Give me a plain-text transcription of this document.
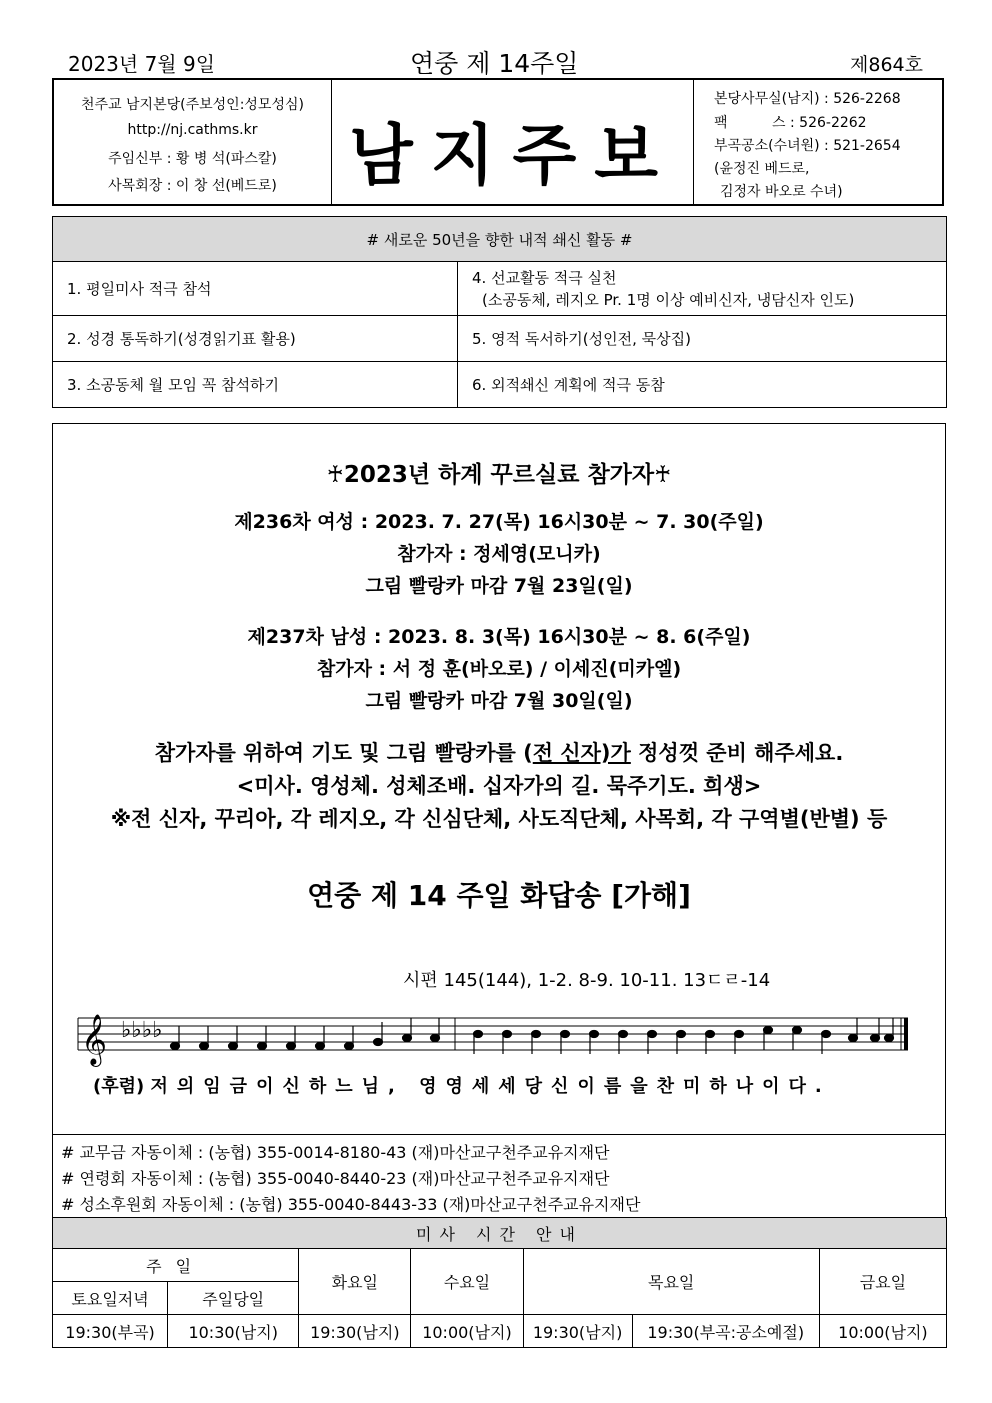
2023년 7월 9일	연중 제 14주일	제864호
천주교 남지본당(주보성인:성모성심)
http://nj.cathms.kr
주임신부 : 황 병 석(파스칼)
사목회장 : 이 창 선(베드로)	남지주보
본당사무실(남지) : 526-2268
팩          스 : 526-2262
부곡공소(수녀원) : 521-2654
(윤정진 베드로,
김정자 바오로 수녀)
# 새로운 50년을 향한 내적 쇄신 활동 #	
1. 평일미사 적극 참석	4. 선교활동 적극 실천
(소공동체, 레지오 Pr. 1명 이상 예비신자, 냉담신자 인도)

2. 성경 통독하기(성경읽기표 활용)	5. 영적 독서하기(성인전, 묵상집)
3. 소공동체 월 모임 꼭 참석하기	6. 외적쇄신 계획에 적극 동참
♰2023년 하계 꾸르실료 참가자♰
제236차 여성 : 2023. 7. 27(목) 16시30분 ~ 7. 30(주일)
참가자 : 정세영(모니카)
그림 빨랑카 마감 7월 23일(일)
제237차 남성 : 2023. 8. 3(목) 16시30분 ~ 8. 6(주일)
참가자 : 서 정 훈(바오로) / 이세진(미카엘)
그림 빨랑카 마감 7월 30일(일)
참가자를 위하여 기도 및 그림 빨랑카를 (전 신자)가 정성껏 준비 해주세요.
<미사. 영성체. 성체조배. 십자가의 길. 묵주기도. 희생>
※전 신자, 꾸리아, 각 레지오, 각 신심단체, 사도직단체, 사목회, 각 구역별(반별) 등
연중 제 14 주일 화답송 [가해]
시편 145(144), 1-2. 8-9. 10-11. 13ㄷㄹ-14
𝄞 ♭♭♭♭
(후렴) 저의임금이신하느님, 영영세세당신이름을찬미하나이다.
# 교무금 자동이체 : (농협) 355-0014-8180-43 (재)마산교구천주교유지재단
# 연령회 자동이체 : (농협) 355-0040-8440-23 (재)마산교구천주교유지재단
# 성소후원회 자동이체 : (농협) 355-0040-8443-33 (재)마산교구천주교유지재단
미사 시간 안내						
주일		화요일	수요일	목요일		금요일
토요일저녁	주일당일					
19:30(부곡)	10:30(남지)	19:30(남지)	10:00(남지)	19:30(남지)	19:30(부곡:공소예절)	10:00(남지)
